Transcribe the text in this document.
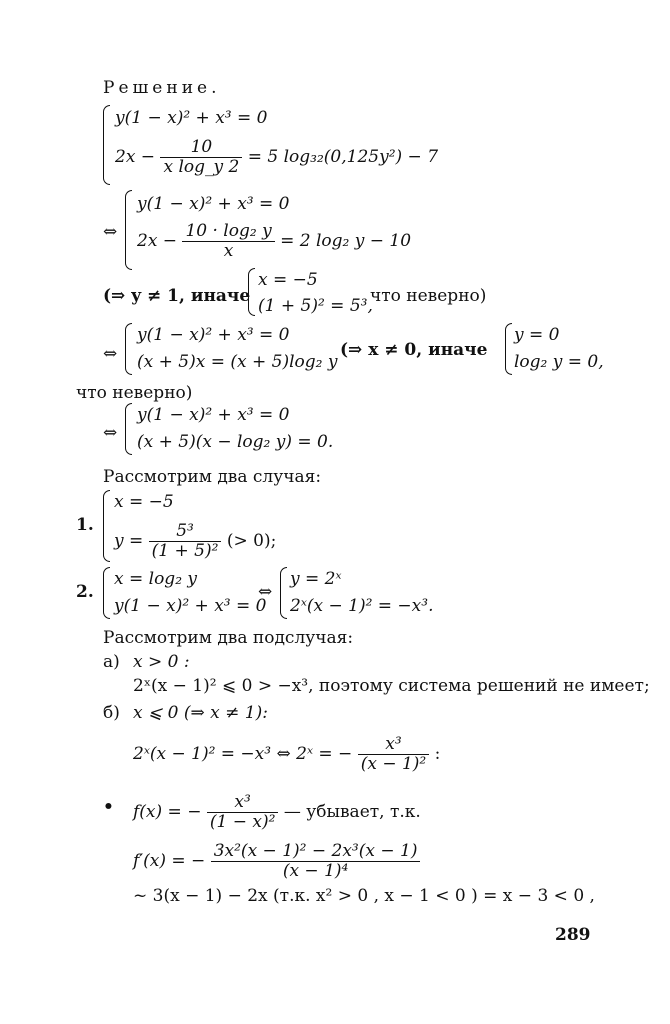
Решение.
y(1 − x)² + x³ = 0
$2x - \frac{10}{\text{x log\_y 2}} = 5$ log₃₂(0,125y²) − 7
⇔
y(1 − x)² + x³ = 0
$2x - \frac{\text{10 · log₂ y}}{x} = 2$ log₂ y − 10
(⇒ y ≠ 1, иначе
x = −5
(1 + 5)² = 5³,
что неверно)
⇔
y(1 − x)² + x³ = 0
(x + 5)x = (x + 5)log₂ y
(⇒ x ≠ 0, иначе
y = 0
log₂ y = 0,
что неверно)
⇔
y(1 − x)² + x³ = 0
(x + 5)(x − log₂ y) = 0.
Рассмотрим два случая:
1.
x = −5
$y = \frac{\text{5³}}{\text{(1 + 5)²}}$ (> 0);
2.
x = log₂ y
y(1 − x)² + x³ = 0
⇔
y = 2ˣ
2ˣ(x − 1)² = −x³.
Рассмотрим два подслучая:
а) x > 0 :
2ˣ(x − 1)² ⩽ 0 > −x³, поэтому система решений не имеет;
б) x ⩽ 0 (⇒ x ≠ 1):
2ˣ(x − 1)² = −x³ ⇔ 2ˣ = − $\frac{\text{x³}}{\text{(x − 1)²}}$ :
• f(x) = − $\frac{\text{x³}}{\text{(1 − x)²}}$ — убывает, т.к.
f′(x) = − $\frac{\text{3x²(x − 1)² − 2x³(x − 1)}}{\text{(x − 1)⁴}}$
~ 3(x − 1) − 2x (т.к. x² > 0 , x − 1 < 0 ) = x − 3 < 0 ,
289
